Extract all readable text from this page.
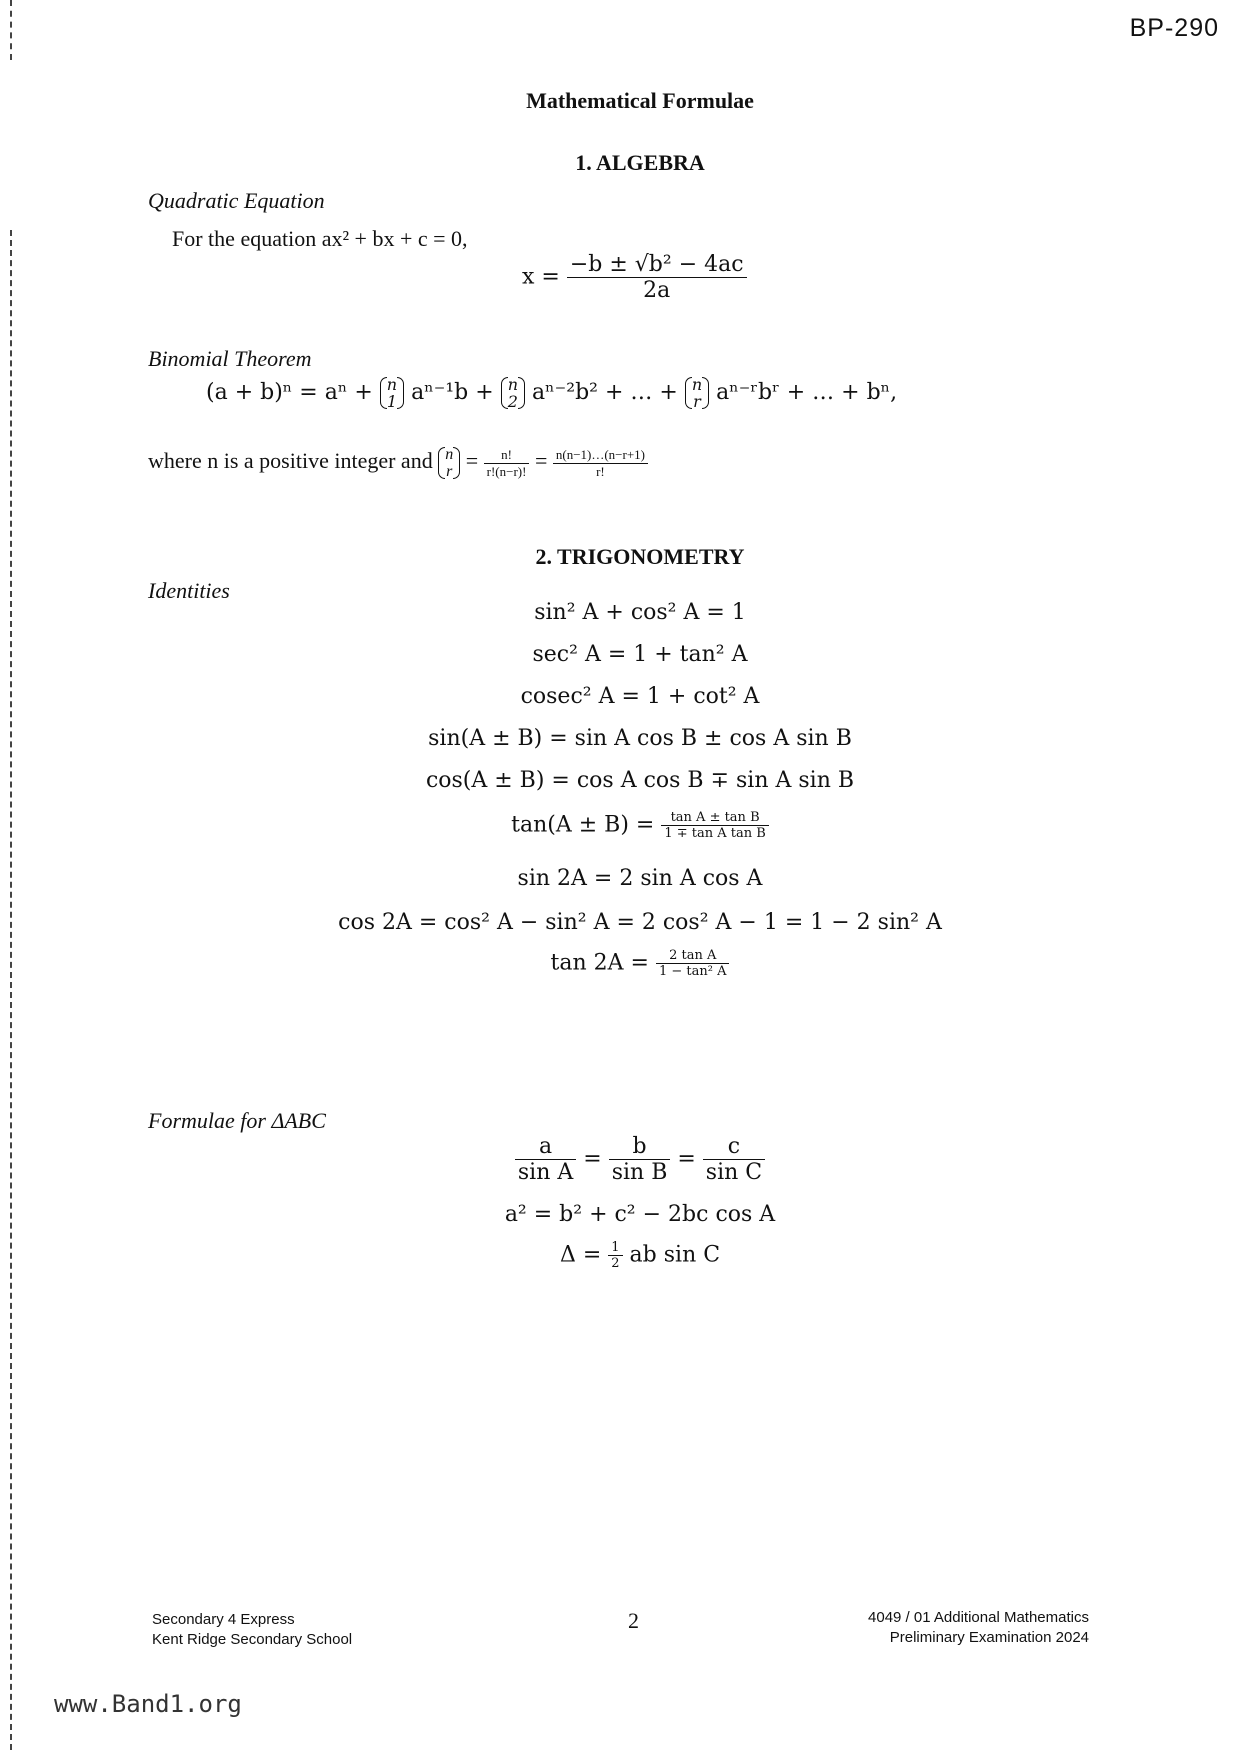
BP-290
Mathematical Formulae
1. ALGEBRA
Quadratic Equation
For the equation ax² + bx + c = 0,
$x = \frac{\text{−b ± √b² − 4ac}}{2a}$
Binomial Theorem
(a + b)ⁿ = aⁿ + n
1 aⁿ⁻¹b + n
2 aⁿ⁻²b² + … + n
r aⁿ⁻ʳbʳ + … + bⁿ,
where n is a positive integer and n
$r = \frac{n!}{r!(n-r)!} = \frac{n(n-1)\dots(n-r+1)}{r!}$
2. TRIGONOMETRY
Identities
sin² A + cos² A = 1
sec² A = 1 + tan² A
cosec² A = 1 + cot² A
sin(A ± B) = sin A cos B ± cos A sin B
cos(A ± B) = cos A cos B ∓ sin A sin B
$\tan(A \pm B) = \frac{\text{tan A ± tan B}}{\text{1 ∓ tan A tan B}}$
sin 2A = 2 sin A cos A
cos 2A = cos² A − sin² A = 2 cos² A − 1 = 1 − 2 sin² A
$\tan 2A = \frac{\text{2 tan A}}{\text{1 − tan² A}}$
Formulae for ΔABC
$\frac{a}{\text{sin A}} = \frac{b}{\text{sin B}} = \frac{c}{\text{sin C}}$
a² = b² + c² − 2bc cos A
$\Delta = \frac{1}{2}$ ab sin C
Secondary 4 Express
Kent Ridge Secondary School
2	4049 / 01 Additional Mathematics
Preliminary Examination 2024
www.Band1.org
